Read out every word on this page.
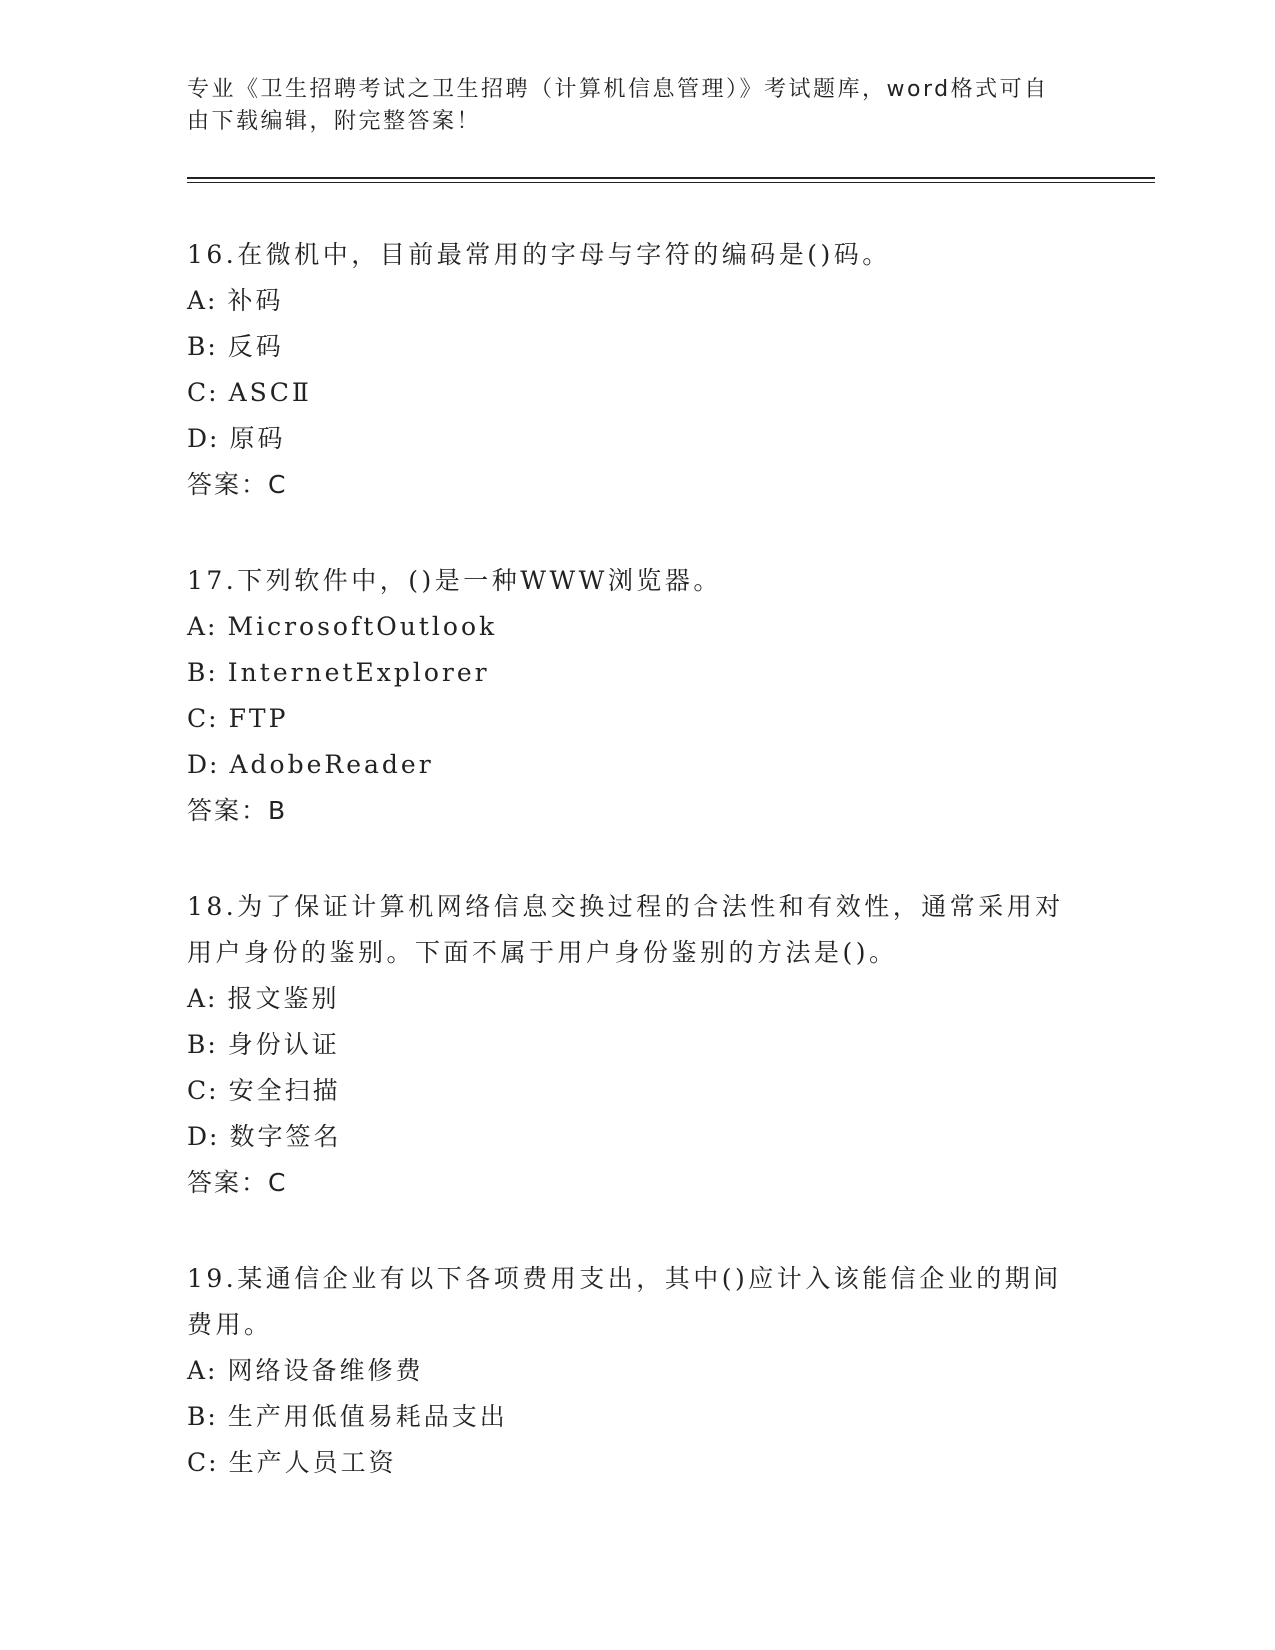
专业《卫生招聘考试之卫生招聘（计算机信息管理）》考试题库，word格式可自由下载编辑，附完整答案！
16.在微机中，目前最常用的字母与字符的编码是()码。
A: 补码
B: 反码
C: ASCⅡ
D: 原码
答案：C
17.下列软件中，()是一种WWW浏览器。
A: MicrosoftOutlook
B: InternetExplorer
C: FTP
D: AdobeReader
答案：B
18.为了保证计算机网络信息交换过程的合法性和有效性，通常采用对用户身份的鉴别。下面不属于用户身份鉴别的方法是()。
A: 报文鉴别
B: 身份认证
C: 安全扫描
D: 数字签名
答案：C
19.某通信企业有以下各项费用支出，其中()应计入该能信企业的期间费用。
A: 网络设备维修费
B: 生产用低值易耗品支出
C: 生产人员工资
